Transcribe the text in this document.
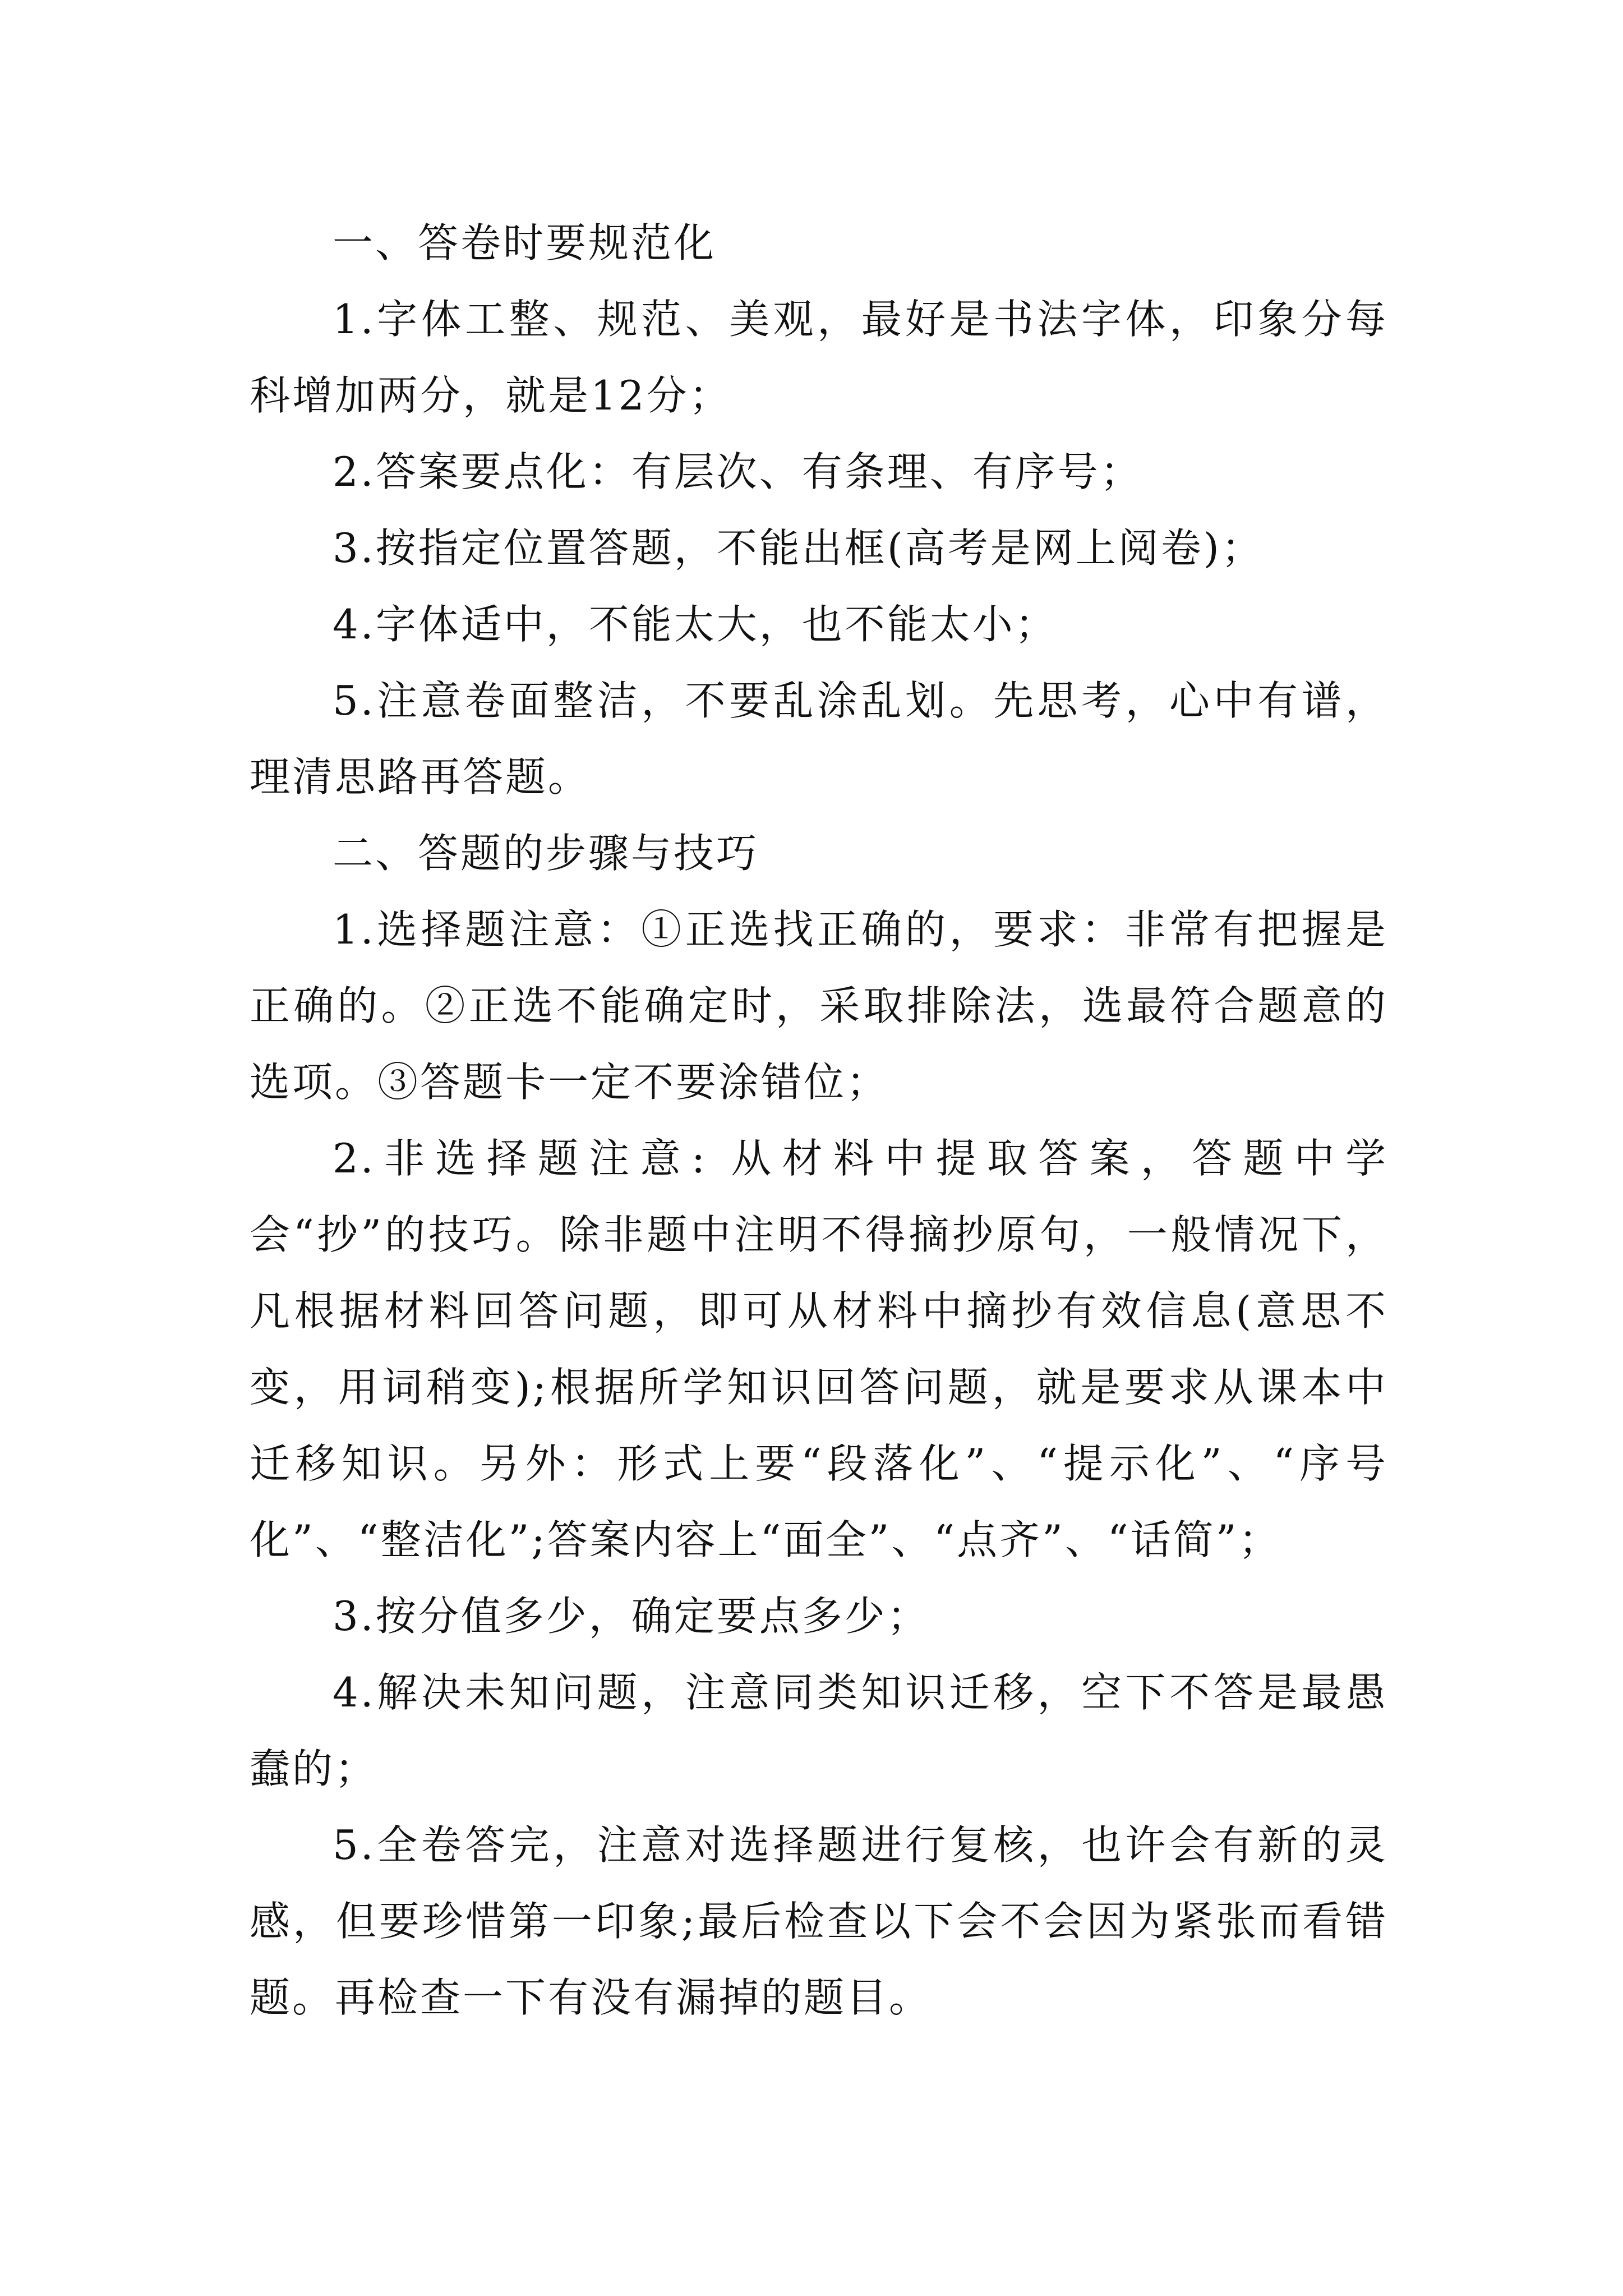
一、答卷时要规范化

1.字体工整、规范、美观，最好是书法字体，印象分每科增加两分，就是12分；

2.答案要点化：有层次、有条理、有序号；

3.按指定位置答题，不能出框(高考是网上阅卷)；

4.字体适中，不能太大，也不能太小；

5.注意卷面整洁，不要乱涂乱划。先思考，心中有谱，理清思路再答题。

二、答题的步骤与技巧

1.选择题注意：①正选找正确的，要求：非常有把握是正确的。②正选不能确定时，采取排除法，选最符合题意的选项。③答题卡一定不要涂错位；

2.非选择题注意: 从材料中提取答案，答题中学会“抄”的技巧。除非题中注明不得摘抄原句，一般情况下，凡根据材料回答问题，即可从材料中摘抄有效信息(意思不变，用词稍变);根据所学知识回答问题，就是要求从课本中迁移知识。另外：形式上要“段落化”、“提示化”、“序号化”、“整洁化”;答案内容上“面全”、“点齐”、“话简”；

3.按分值多少，确定要点多少；

4.解决未知问题，注意同类知识迁移，空下不答是最愚蠢的；

5.全卷答完，注意对选择题进行复核，也许会有新的灵感，但要珍惜第一印象;最后检查以下会不会因为紧张而看错题。再检查一下有没有漏掉的题目。
